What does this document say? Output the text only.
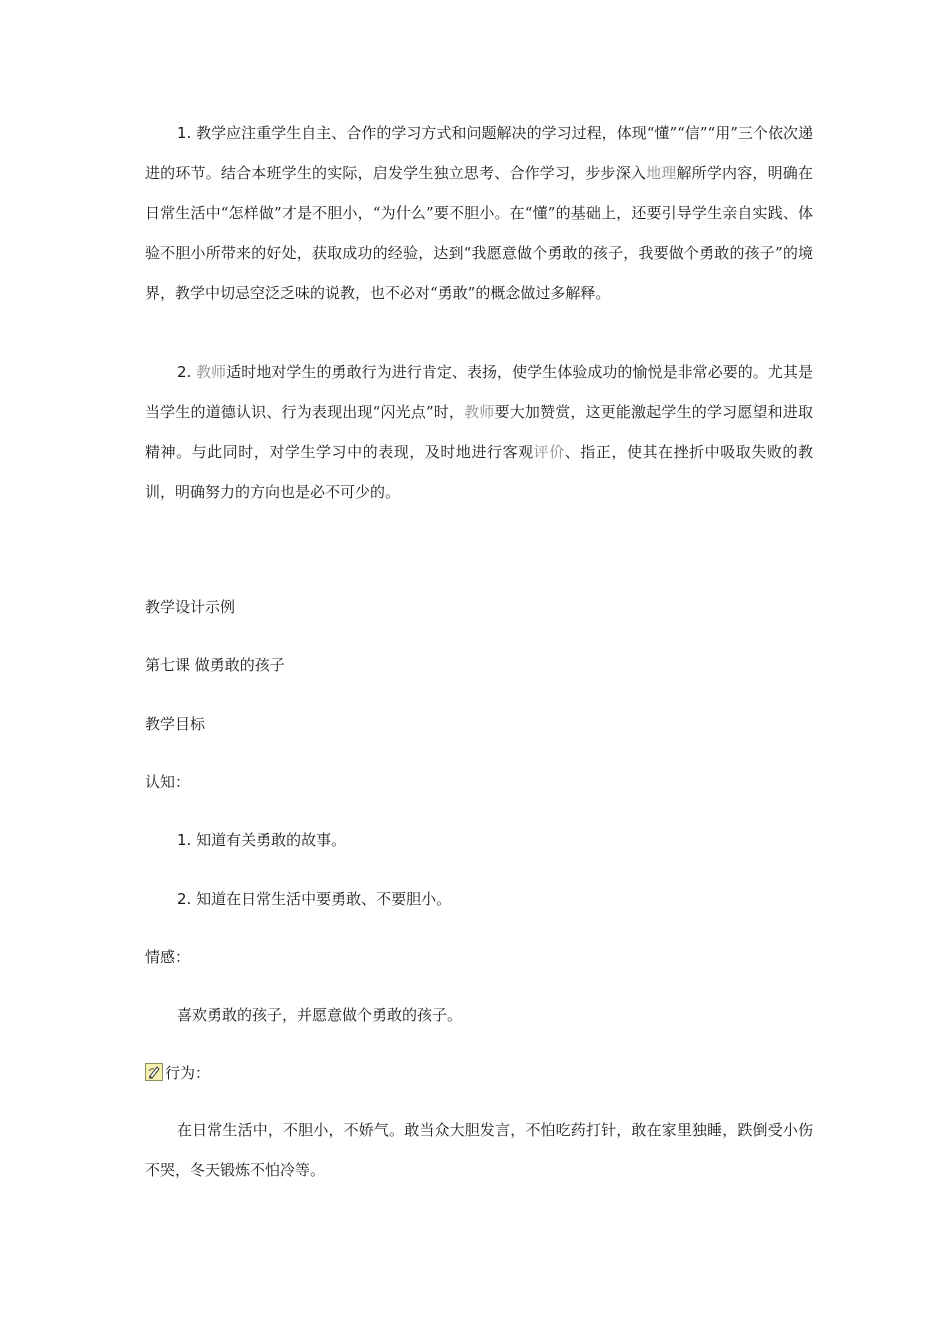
1. 教学应注重学生自主、合作的学习方式和问题解决的学习过程，体现“懂”“信”“用”三个依次递进的环节。结合本班学生的实际，启发学生独立思考、合作学习，步步深入地理解所学内容，明确在日常生活中“怎样做”才是不胆小，“为什么”要不胆小。在“懂”的基础上，还要引导学生亲自实践、体验不胆小所带来的好处，获取成功的经验，达到“我愿意做个勇敢的孩子，我要做个勇敢的孩子”的境界，教学中切忌空泛乏味的说教，也不必对“勇敢”的概念做过多解释。
2. 教师适时地对学生的勇敢行为进行肯定、表扬，使学生体验成功的愉悦是非常必要的。尤其是当学生的道德认识、行为表现出现“闪光点”时，教师要大加赞赏，这更能激起学生的学习愿望和进取精神。与此同时，对学生学习中的表现，及时地进行客观评价、指正，使其在挫折中吸取失败的教训，明确努力的方向也是必不可少的。
教学设计示例
第七课 做勇敢的孩子
教学目标
认知：
1. 知道有关勇敢的故事。
2. 知道在日常生活中要勇敢、不要胆小。
情感：
喜欢勇敢的孩子，并愿意做个勇敢的孩子。
行为：
在日常生活中，不胆小，不娇气。敢当众大胆发言，不怕吃药打针，敢在家里独睡，跌倒受小伤不哭，冬天锻炼不怕冷等。
